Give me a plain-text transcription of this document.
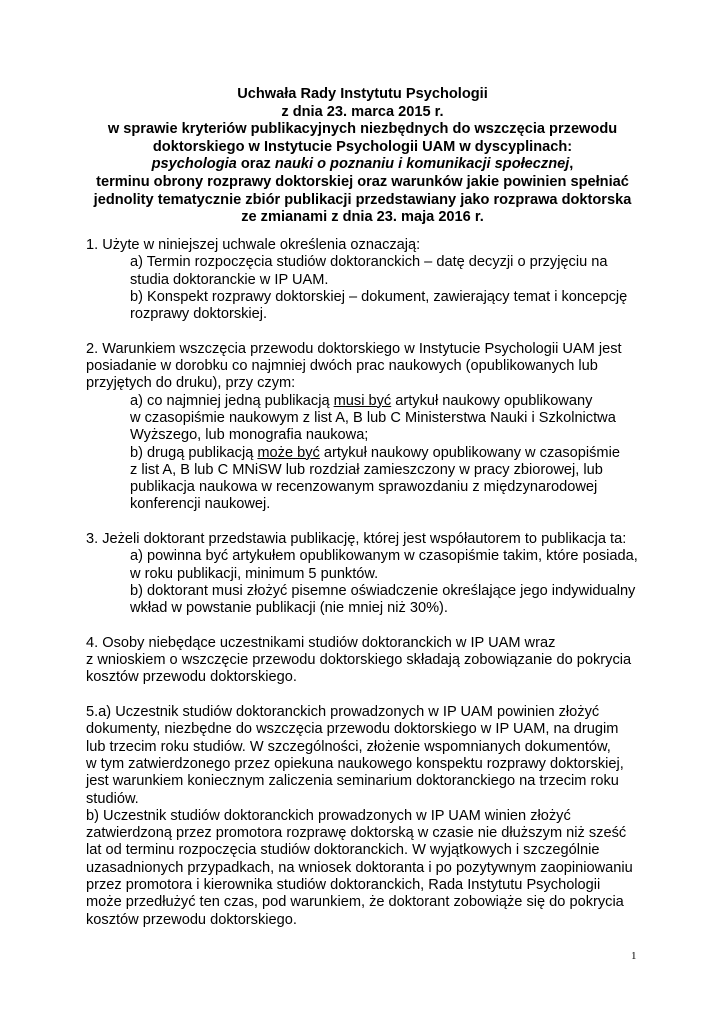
Uchwała Rady Instytutu Psychologii
z dnia 23. marca 2015 r.
w sprawie kryteriów publikacyjnych niezbędnych do wszczęcia przewodu
doktorskiego w Instytucie Psychologii UAM w dyscyplinach:
psychologia oraz nauki o poznaniu i komunikacji społecznej,
terminu obrony rozprawy doktorskiej oraz warunków jakie powinien spełniać
jednolity tematycznie zbiór publikacji przedstawiany jako rozprawa doktorska
ze zmianami z dnia 23. maja 2016 r.
1. Użyte w niniejszej uchwale określenia oznaczają:
a) Termin rozpoczęcia studiów doktoranckich – datę decyzji o przyjęciu na
studia doktoranckie w IP UAM.
b) Konspekt rozprawy doktorskiej – dokument, zawierający temat i koncepcję
rozprawy doktorskiej.
2. Warunkiem wszczęcia przewodu doktorskiego w Instytucie Psychologii UAM jest
posiadanie w dorobku co najmniej dwóch prac naukowych (opublikowanych lub
przyjętych do druku), przy czym:
a) co najmniej jedną publikacją musi być artykuł naukowy opublikowany
w czasopiśmie naukowym z list A, B lub C Ministerstwa Nauki i Szkolnictwa
Wyższego, lub monografia naukowa;
b) drugą publikacją może być artykuł naukowy opublikowany w czasopiśmie
z list A, B lub C MNiSW lub rozdział zamieszczony w pracy zbiorowej, lub
publikacja naukowa w recenzowanym sprawozdaniu z międzynarodowej
konferencji naukowej.
3. Jeżeli doktorant przedstawia publikację, której jest współautorem to publikacja ta:
a) powinna być artykułem opublikowanym w czasopiśmie takim, które posiada,
w roku publikacji, minimum 5 punktów.
b) doktorant musi złożyć pisemne oświadczenie określające jego indywidualny
wkład w powstanie publikacji (nie mniej niż 30%).
4. Osoby niebędące uczestnikami studiów doktoranckich w IP UAM wraz
z wnioskiem o wszczęcie przewodu doktorskiego składają zobowiązanie do pokrycia
kosztów przewodu doktorskiego.
5.a) Uczestnik studiów doktoranckich prowadzonych w IP UAM powinien złożyć
dokumenty, niezbędne do wszczęcia przewodu doktorskiego w IP UAM, na drugim
lub trzecim roku studiów. W szczególności, złożenie wspomnianych dokumentów,
w tym zatwierdzonego przez opiekuna naukowego konspektu rozprawy doktorskiej,
jest warunkiem koniecznym zaliczenia seminarium doktoranckiego na trzecim roku
studiów.
b) Uczestnik studiów doktoranckich prowadzonych w IP UAM winien złożyć
zatwierdzoną przez promotora rozprawę doktorską w czasie nie dłuższym niż sześć
lat od terminu rozpoczęcia studiów doktoranckich. W wyjątkowych i szczególnie
uzasadnionych przypadkach, na wniosek doktoranta i po pozytywnym zaopiniowaniu
przez promotora i kierownika studiów doktoranckich, Rada Instytutu Psychologii
może przedłużyć ten czas, pod warunkiem, że doktorant zobowiąże się do pokrycia
kosztów przewodu doktorskiego.
1
